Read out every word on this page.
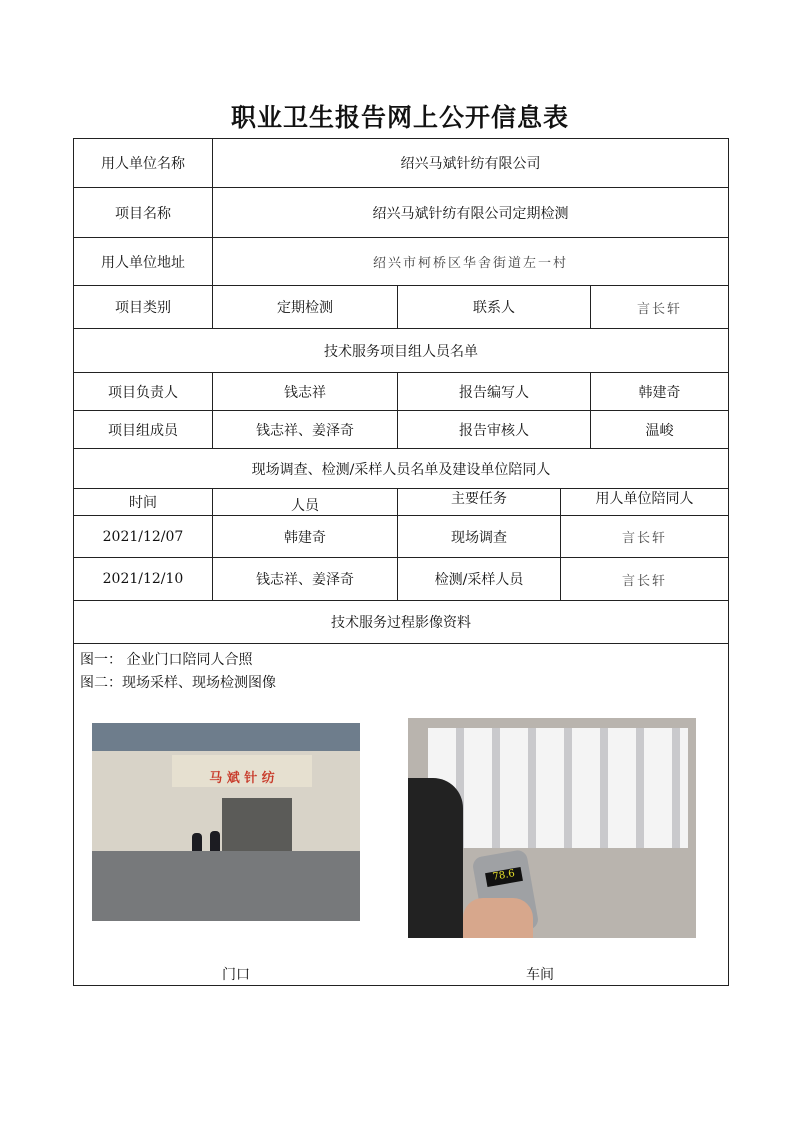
职业卫生报告网上公开信息表
用人单位名称	绍兴马斌针纺有限公司
项目名称	绍兴马斌针纺有限公司定期检测
用人单位地址	绍兴市柯桥区华舍街道左一村
项目类别	定期检测	联系人	言长轩
技术服务项目组人员名单
项目负责人	钱志祥	报告编写人	韩建奇
项目组成员	钱志祥、姜泽奇	报告审核人	温峻
现场调查、检测/采样人员名单及建设单位陪同人
时间	人员	主要任务	用人单位陪同人
2021/12/07	韩建奇	现场调查	言长轩
2021/12/10	钱志祥、姜泽奇	检测/采样人员	言长轩
技术服务过程影像资料
图一： 企业门口陪同人合照
图二：现场采样、现场检测图像
马 斌 针 纺
78.6
门口	车间
